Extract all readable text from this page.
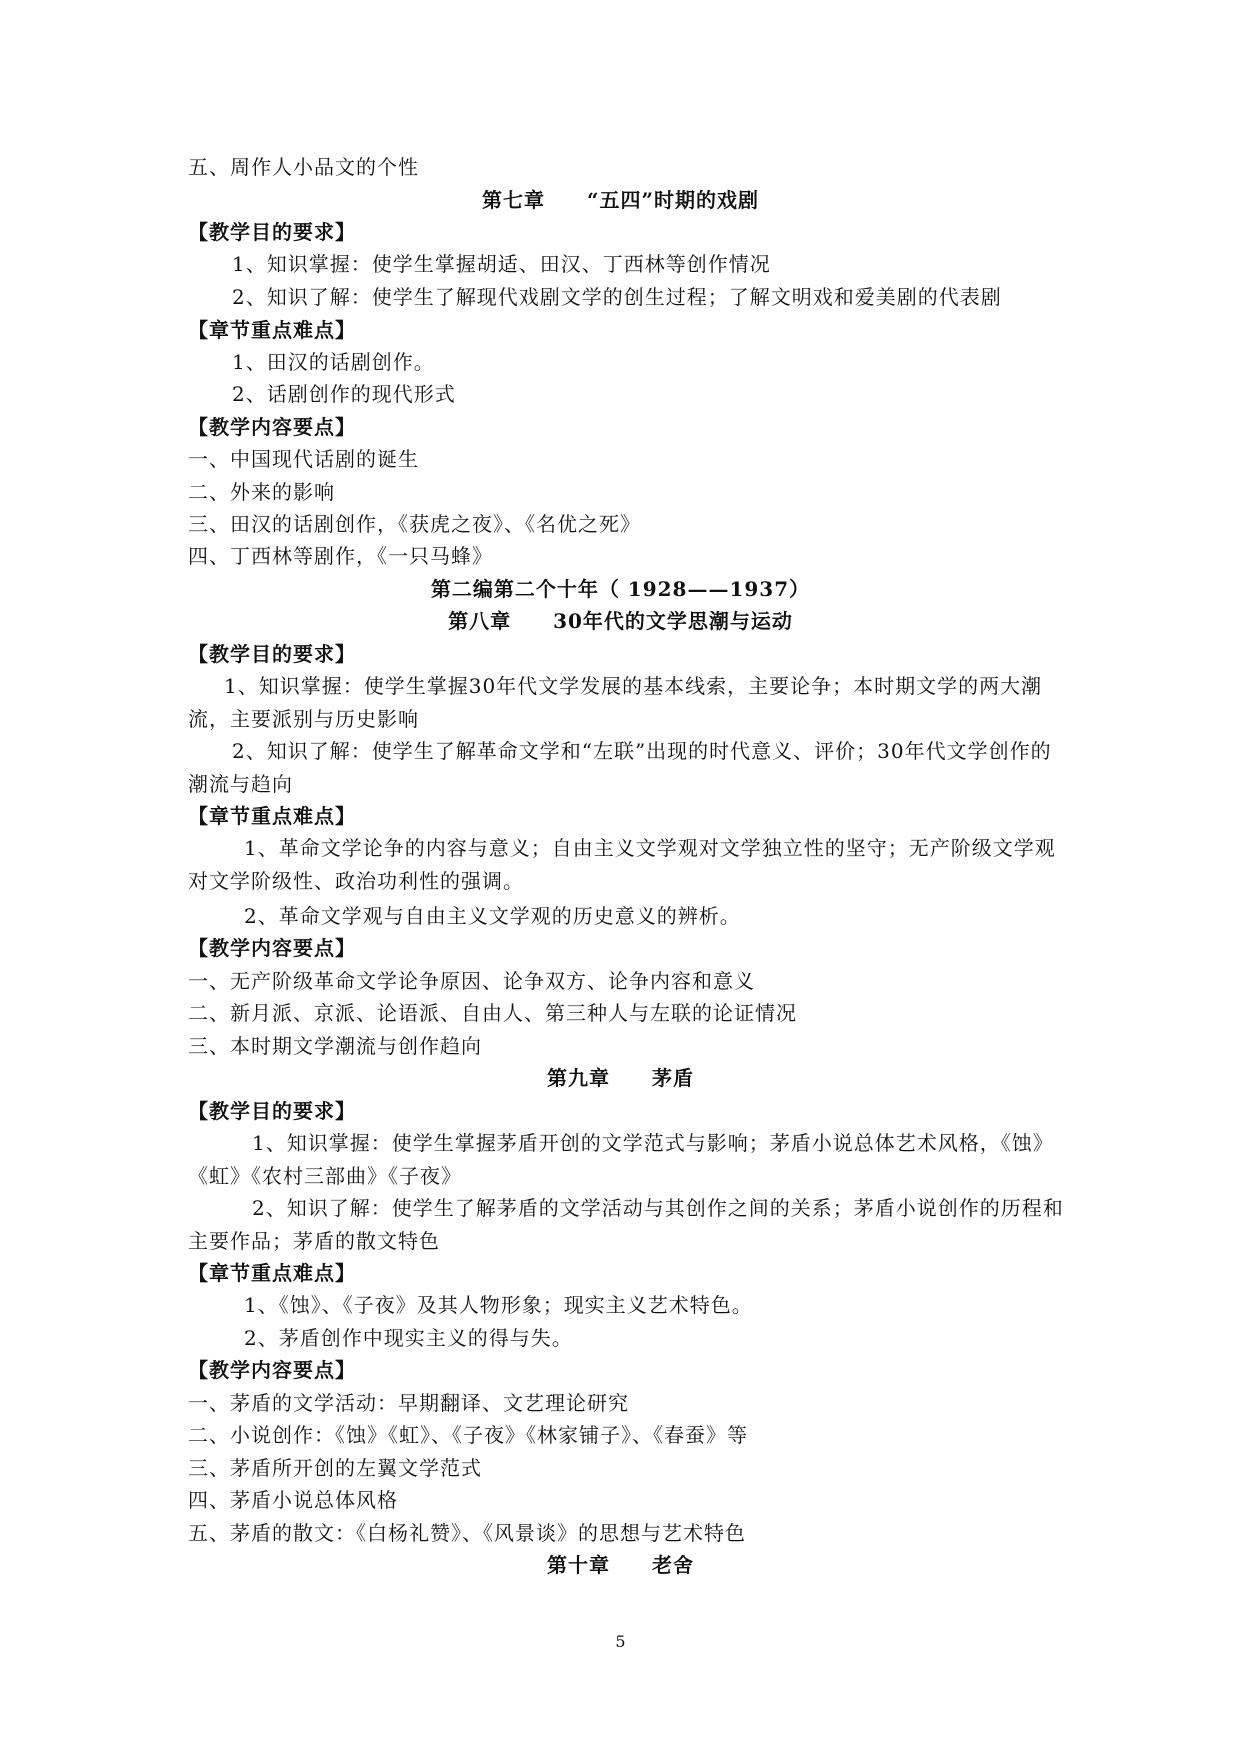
五、周作人小品文的个性

第七章　　“五四”时期的戏剧

【教学目的要求】

1、知识掌握：使学生掌握胡适、田汉、丁西林等创作情况

2、知识了解：使学生了解现代戏剧文学的创生过程；了解文明戏和爱美剧的代表剧

【章节重点难点】

1、田汉的话剧创作。

2、话剧创作的现代形式

【教学内容要点】

一、中国现代话剧的诞生

二、外来的影响

三、田汉的话剧创作，《获虎之夜》、《名优之死》

四、丁西林等剧作，《一只马蜂》

第二编第二个十年（ 1928——1937）

第八章　　30年代的文学思潮与运动

【教学目的要求】

1、知识掌握：使学生掌握30年代文学发展的基本线索，主要论争；本时期文学的两大潮流，主要派别与历史影响

2、知识了解：使学生了解革命文学和“左联”出现的时代意义、评价；30年代文学创作的潮流与趋向

【章节重点难点】

1、革命文学论争的内容与意义；自由主义文学观对文学独立性的坚守；无产阶级文学观对文学阶级性、政治功利性的强调。

2、革命文学观与自由主义文学观的历史意义的辨析。

【教学内容要点】

一、无产阶级革命文学论争原因、论争双方、论争内容和意义

二、新月派、京派、论语派、自由人、第三种人与左联的论证情况

三、本时期文学潮流与创作趋向

第九章　　茅盾

【教学目的要求】

1、知识掌握：使学生掌握茅盾开创的文学范式与影响；茅盾小说总体艺术风格，《蚀》《虹》《农村三部曲》《子夜》

2、知识了解：使学生了解茅盾的文学活动与其创作之间的关系；茅盾小说创作的历程和主要作品；茅盾的散文特色

【章节重点难点】

1、《蚀》、《子夜》及其人物形象；现实主义艺术特色。

2、茅盾创作中现实主义的得与失。

【教学内容要点】

一、茅盾的文学活动：早期翻译、文艺理论研究

二、小说创作：《蚀》《虹》、《子夜》《林家铺子》、《春蚕》等

三、茅盾所开创的左翼文学范式

四、茅盾小说总体风格

五、茅盾的散文：《白杨礼赞》、《风景谈》的思想与艺术特色

第十章　　老舍

5
